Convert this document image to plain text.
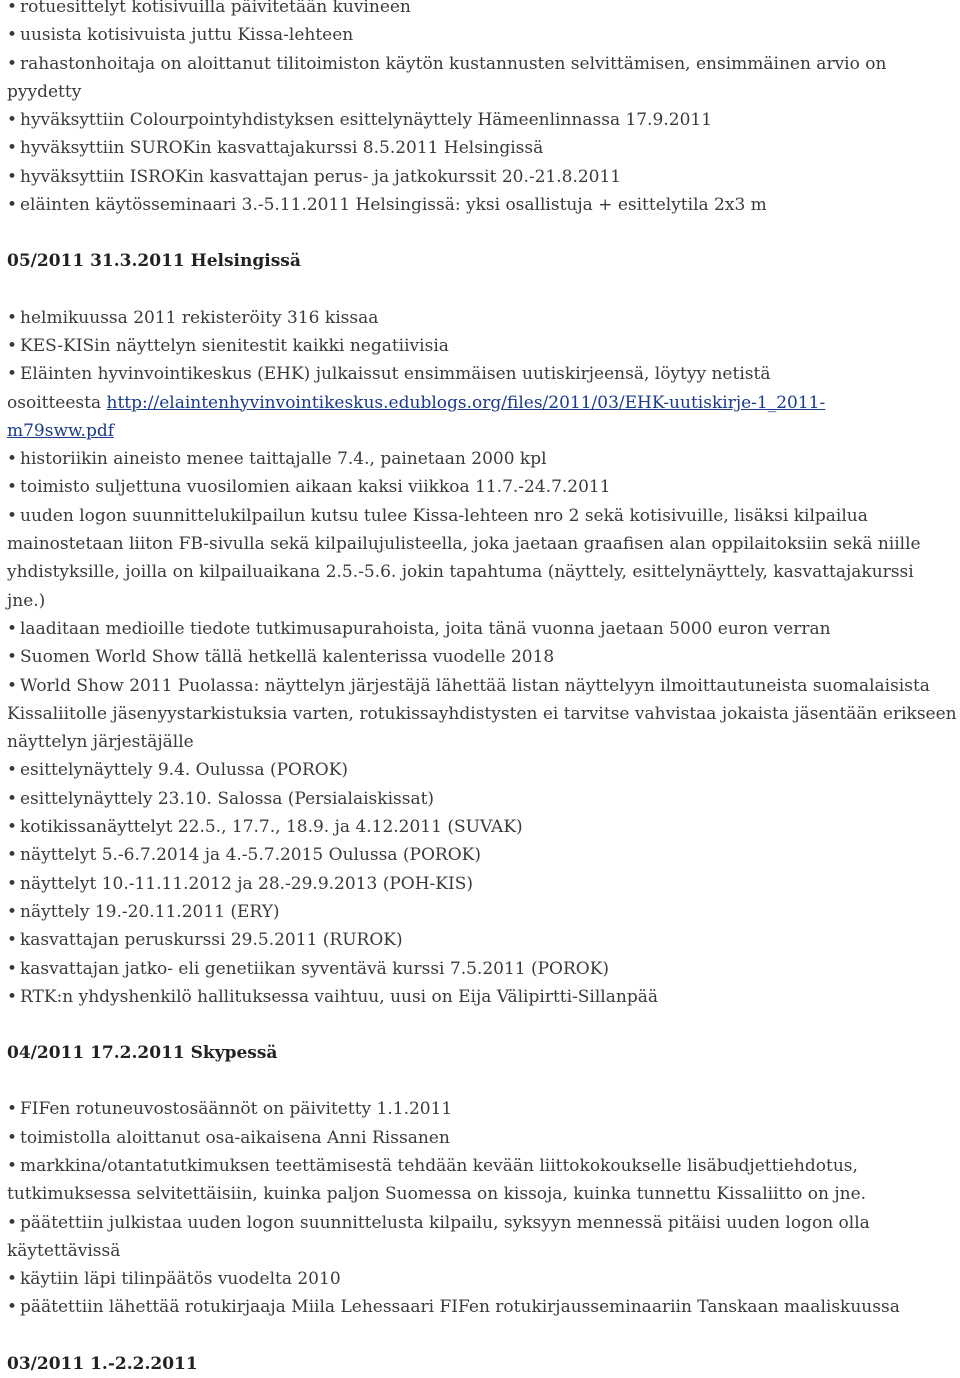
• rotuesittelyt kotisivuilla päivitetään kuvineen
• uusista kotisivuista juttu Kissa-lehteen
• rahastonhoitaja on aloittanut tilitoimiston käytön kustannusten selvittämisen, ensimmäinen arvio on
pyydetty
• hyväksyttiin Colourpointyhdistyksen esittelynäyttely Hämeenlinnassa 17.9.2011
• hyväksyttiin SUROKin kasvattajakurssi 8.5.2011 Helsingissä
• hyväksyttiin ISROKin kasvattajan perus- ja jatkokurssit 20.-21.8.2011
• eläinten käytösseminaari 3.-5.11.2011 Helsingissä: yksi osallistuja + esittelytila 2x3 m
05/2011 31.3.2011 Helsingissä
• helmikuussa 2011 rekisteröity 316 kissaa
• KES-KISin näyttelyn sienitestit kaikki negatiivisia
• Eläinten hyvinvointikeskus (EHK) julkaissut ensimmäisen uutiskirjeensä, löytyy netistä
osoitteesta http://elaintenhyvinvointikeskus.edublogs.org/files/2011/03/EHK-uutiskirje-1_2011-
m79sww.pdf
• historiikin aineisto menee taittajalle 7.4., painetaan 2000 kpl
• toimisto suljettuna vuosilomien aikaan kaksi viikkoa 11.7.-24.7.2011
• uuden logon suunnittelukilpailun kutsu tulee Kissa-lehteen nro 2 sekä kotisivuille, lisäksi kilpailua
mainostetaan liiton FB-sivulla sekä kilpailujulisteella, joka jaetaan graafisen alan oppilaitoksiin sekä niille
yhdistyksille, joilla on kilpailuaikana 2.5.-5.6. jokin tapahtuma (näyttely, esittelynäyttely, kasvattajakurssi
jne.)
• laaditaan medioille tiedote tutkimusapurahoista, joita tänä vuonna jaetaan 5000 euron verran
• Suomen World Show tällä hetkellä kalenterissa vuodelle 2018
• World Show 2011 Puolassa: näyttelyn järjestäjä lähettää listan näyttelyyn ilmoittautuneista suomalaisista
Kissaliitolle jäsenyystarkistuksia varten, rotukissayhdistysten ei tarvitse vahvistaa jokaista jäsentään erikseen
näyttelyn järjestäjälle
• esittelynäyttely 9.4. Oulussa (POROK)
• esittelynäyttely 23.10. Salossa (Persialaiskissat)
• kotikissanäyttelyt 22.5., 17.7., 18.9. ja 4.12.2011 (SUVAK)
• näyttelyt 5.-6.7.2014 ja 4.-5.7.2015 Oulussa (POROK)
• näyttelyt 10.-11.11.2012 ja 28.-29.9.2013 (POH-KIS)
• näyttely 19.-20.11.2011 (ERY)
• kasvattajan peruskurssi 29.5.2011 (RUROK)
• kasvattajan jatko- eli genetiikan syventävä kurssi 7.5.2011 (POROK)
• RTK:n yhdyshenkilö hallituksessa vaihtuu, uusi on Eija Välipirtti-Sillanpää
04/2011 17.2.2011 Skypessä
• FIFen rotuneuvostosäännöt on päivitetty 1.1.2011
• toimistolla aloittanut osa-aikaisena Anni Rissanen
• markkina/otantatutkimuksen teettämisestä tehdään kevään liittokokoukselle lisäbudjettiehdotus,
tutkimuksessa selvitettäisiin, kuinka paljon Suomessa on kissoja, kuinka tunnettu Kissaliitto on jne.
• päätettiin julkistaa uuden logon suunnittelusta kilpailu, syksyyn mennessä pitäisi uuden logon olla
käytettävissä
• käytiin läpi tilinpäätös vuodelta 2010
• päätettiin lähettää rotukirjaaja Miila Lehessaari FIFen rotukirjausseminaariin Tanskaan maaliskuussa
03/2011 1.-2.2.2011
